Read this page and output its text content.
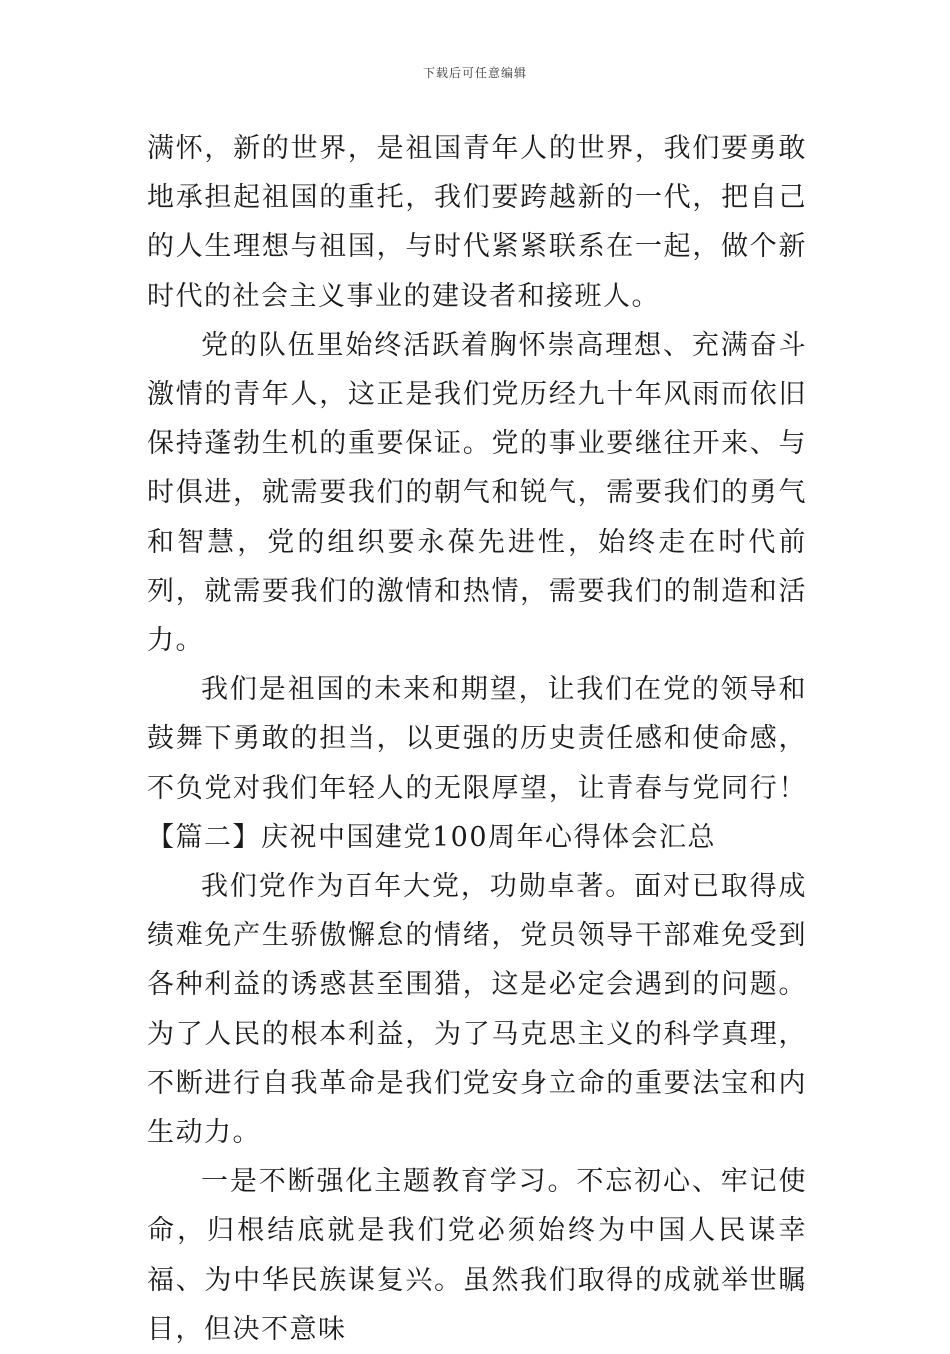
下载后可任意编辑

满怀，新的世界，是祖国青年人的世界，我们要勇敢地承担起祖国的重托，我们要跨越新的一代，把自己的人生理想与祖国，与时代紧紧联系在一起，做个新时代的社会主义事业的建设者和接班人。

党的队伍里始终活跃着胸怀崇高理想、充满奋斗激情的青年人，这正是我们党历经九十年风雨而依旧保持蓬勃生机的重要保证。党的事业要继往开来、与时俱进，就需要我们的朝气和锐气，需要我们的勇气和智慧，党的组织要永葆先进性，始终走在时代前列，就需要我们的激情和热情，需要我们的制造和活力。

我们是祖国的未来和期望，让我们在党的领导和鼓舞下勇敢的担当，以更强的历史责任感和使命感，不负党对我们年轻人的无限厚望，让青春与党同行！【篇二】庆祝中国建党100周年心得体会汇总

我们党作为百年大党，功勋卓著。面对已取得成绩难免产生骄傲懈怠的情绪，党员领导干部难免受到各种利益的诱惑甚至围猎，这是必定会遇到的问题。为了人民的根本利益，为了马克思主义的科学真理，不断进行自我革命是我们党安身立命的重要法宝和内生动力。

一是不断强化主题教育学习。不忘初心、牢记使命，归根结底就是我们党必须始终为中国人民谋幸福、为中华民族谋复兴。虽然我们取得的成就举世瞩目，但决不意味
